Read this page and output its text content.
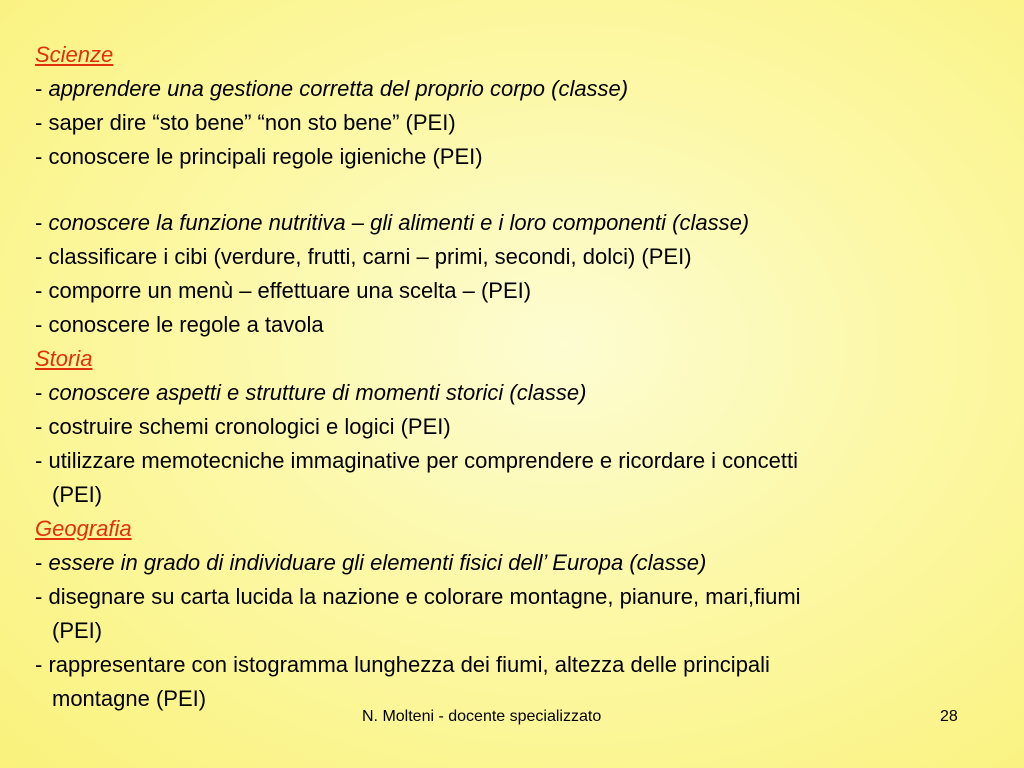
Scienze
- apprendere una gestione corretta del proprio corpo (classe)
- saper dire “sto bene” “non sto bene” (PEI)
- conoscere le principali regole igieniche (PEI)
- conoscere la funzione nutritiva – gli alimenti e i loro componenti (classe)
- classificare i cibi (verdure, frutti, carni – primi, secondi, dolci) (PEI)
- comporre un menù – effettuare una scelta – (PEI)
- conoscere le regole a tavola
Storia
- conoscere aspetti e strutture di momenti storici (classe)
- costruire schemi cronologici e logici (PEI)
- utilizzare memotecniche immaginative per comprendere e ricordare i concetti
(PEI)
Geografia
- essere in grado di individuare gli elementi fisici dell’ Europa (classe)
- disegnare su carta lucida la nazione e colorare montagne, pianure, mari,fiumi
(PEI)
- rappresentare con istogramma lunghezza dei fiumi, altezza delle principali
montagne (PEI)
N. Molteni - docente specializzato	28
